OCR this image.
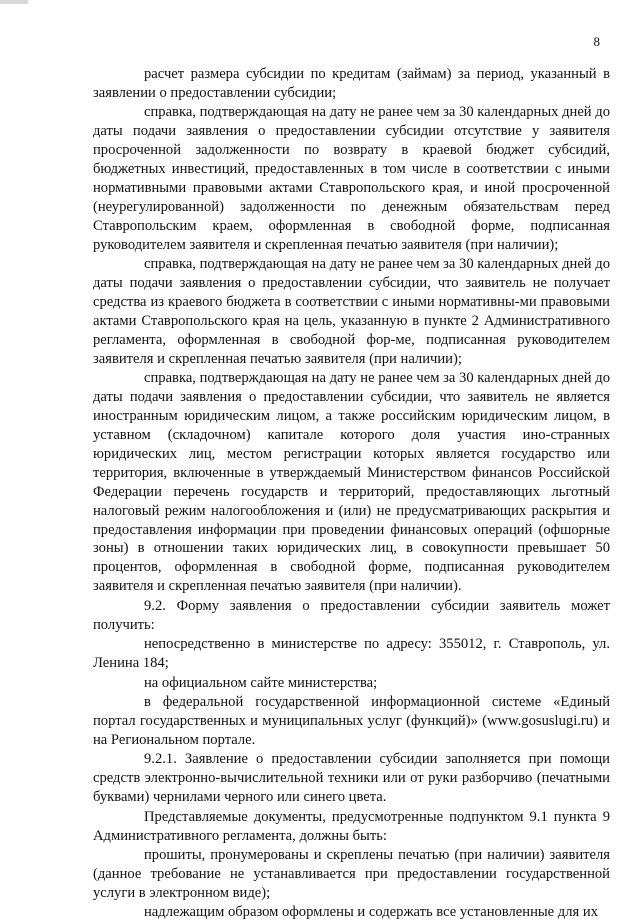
8

расчет размера субсидии по кредитам (займам) за период, указанный в заявлении о предоставлении субсидии;

справка, подтверждающая на дату не ранее чем за 30 календарных дней до даты подачи заявления о предоставлении субсидии отсутствие у заявителя просроченной задолженности по возврату в краевой бюджет субсидий, бюджетных инвестиций, предоставленных в том числе в соответствии с иными нормативными правовыми актами Ставропольского края, и иной просроченной (неурегулированной) задолженности по денежным обязательствам перед Ставропольским краем, оформленная в свободной форме, подписанная руководителем заявителя и скрепленная печатью заявителя (при наличии);

справка, подтверждающая на дату не ранее чем за 30 календарных дней до даты подачи заявления о предоставлении субсидии, что заявитель не получает средства из краевого бюджета в соответствии с иными нормативны-ми правовыми актами Ставропольского края на цель, указанную в пункте 2 Административного регламента, оформленная в свободной фор-ме, подписанная руководителем заявителя и скрепленная печатью заявителя (при наличии);

справка, подтверждающая на дату не ранее чем за 30 календарных дней до даты подачи заявления о предоставлении субсидии, что заявитель не является иностранным юридическим лицом, а также российским юридическим лицом, в уставном (складочном) капитале которого доля участия ино-странных юридических лиц, местом регистрации которых является государство или территория, включенные в утверждаемый Министерством финансов Российской Федерации перечень государств и территорий, предоставляющих льготный налоговый режим налогообложения и (или) не предусматривающих раскрытия и предоставления информации при проведении финансовых операций (офшорные зоны) в отношении таких юридических лиц, в совокупности превышает 50 процентов, оформленная в свободной форме, подписанная руководителем заявителя и скрепленная печатью заявителя (при наличии).

9.2. Форму заявления о предоставлении субсидии заявитель может получить:

непосредственно в министерстве по адресу: 355012, г. Ставрополь, ул. Ленина 184;

на официальном сайте министерства;

в федеральной государственной информационной системе «Единый портал государственных и муниципальных услуг (функций)» (www.gosuslugi.ru) и на Региональном портале.

9.2.1. Заявление о предоставлении субсидии заполняется при помощи средств электронно-вычислительной техники или от руки разборчиво (печатными буквами) чернилами черного или синего цвета.

Представляемые документы, предусмотренные подпунктом 9.1 пункта 9 Административного регламента, должны быть:

прошиты, пронумерованы и скреплены печатью (при наличии) заявителя (данное требование не устанавливается при предоставлении государственной услуги в электронном виде);

надлежащим образом оформлены и содержать все установленные для их
